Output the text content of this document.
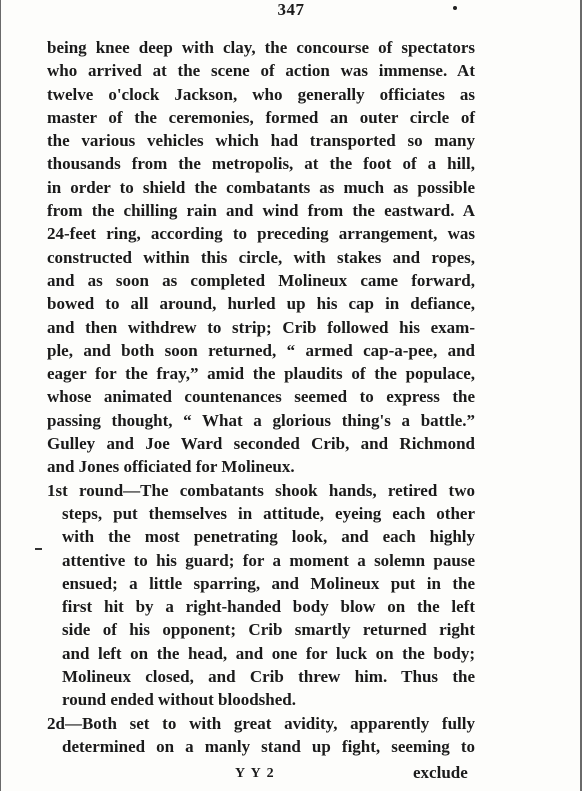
347
being knee deep with clay, the concourse of spectators
who arrived at the scene of action was immense. At
twelve o'clock Jackson, who generally officiates as
master of the ceremonies, formed an outer circle of
the various vehicles which had transported so many
thousands from the metropolis, at the foot of a hill,
in order to shield the combatants as much as possible
from the chilling rain and wind from the eastward. A
24-feet ring, according to preceding arrangement, was
constructed within this circle, with stakes and ropes,
and as soon as completed Molineux came forward,
bowed to all around, hurled up his cap in defiance,
and then withdrew to strip; Crib followed his exam-
ple, and both soon returned, “ armed cap-a-pee, and
eager for the fray,” amid the plaudits of the populace,
whose animated countenances seemed to express the
passing thought, “ What a glorious thing's a battle.”
Gulley and Joe Ward seconded Crib, and Richmond
and Jones officiated for Molineux.
1st round—The combatants shook hands, retired two
steps, put themselves in attitude, eyeing each other
with the most penetrating look, and each highly
attentive to his guard; for a moment a solemn pause
ensued; a little sparring, and Molineux put in the
first hit by a right-handed body blow on the left
side of his opponent; Crib smartly returned right
and left on the head, and one for luck on the body;
Molineux closed, and Crib threw him. Thus the
round ended without bloodshed.
2d—Both set to with great avidity, apparently fully
determined on a manly stand up fight, seeming to
Y Y 2	exclude
